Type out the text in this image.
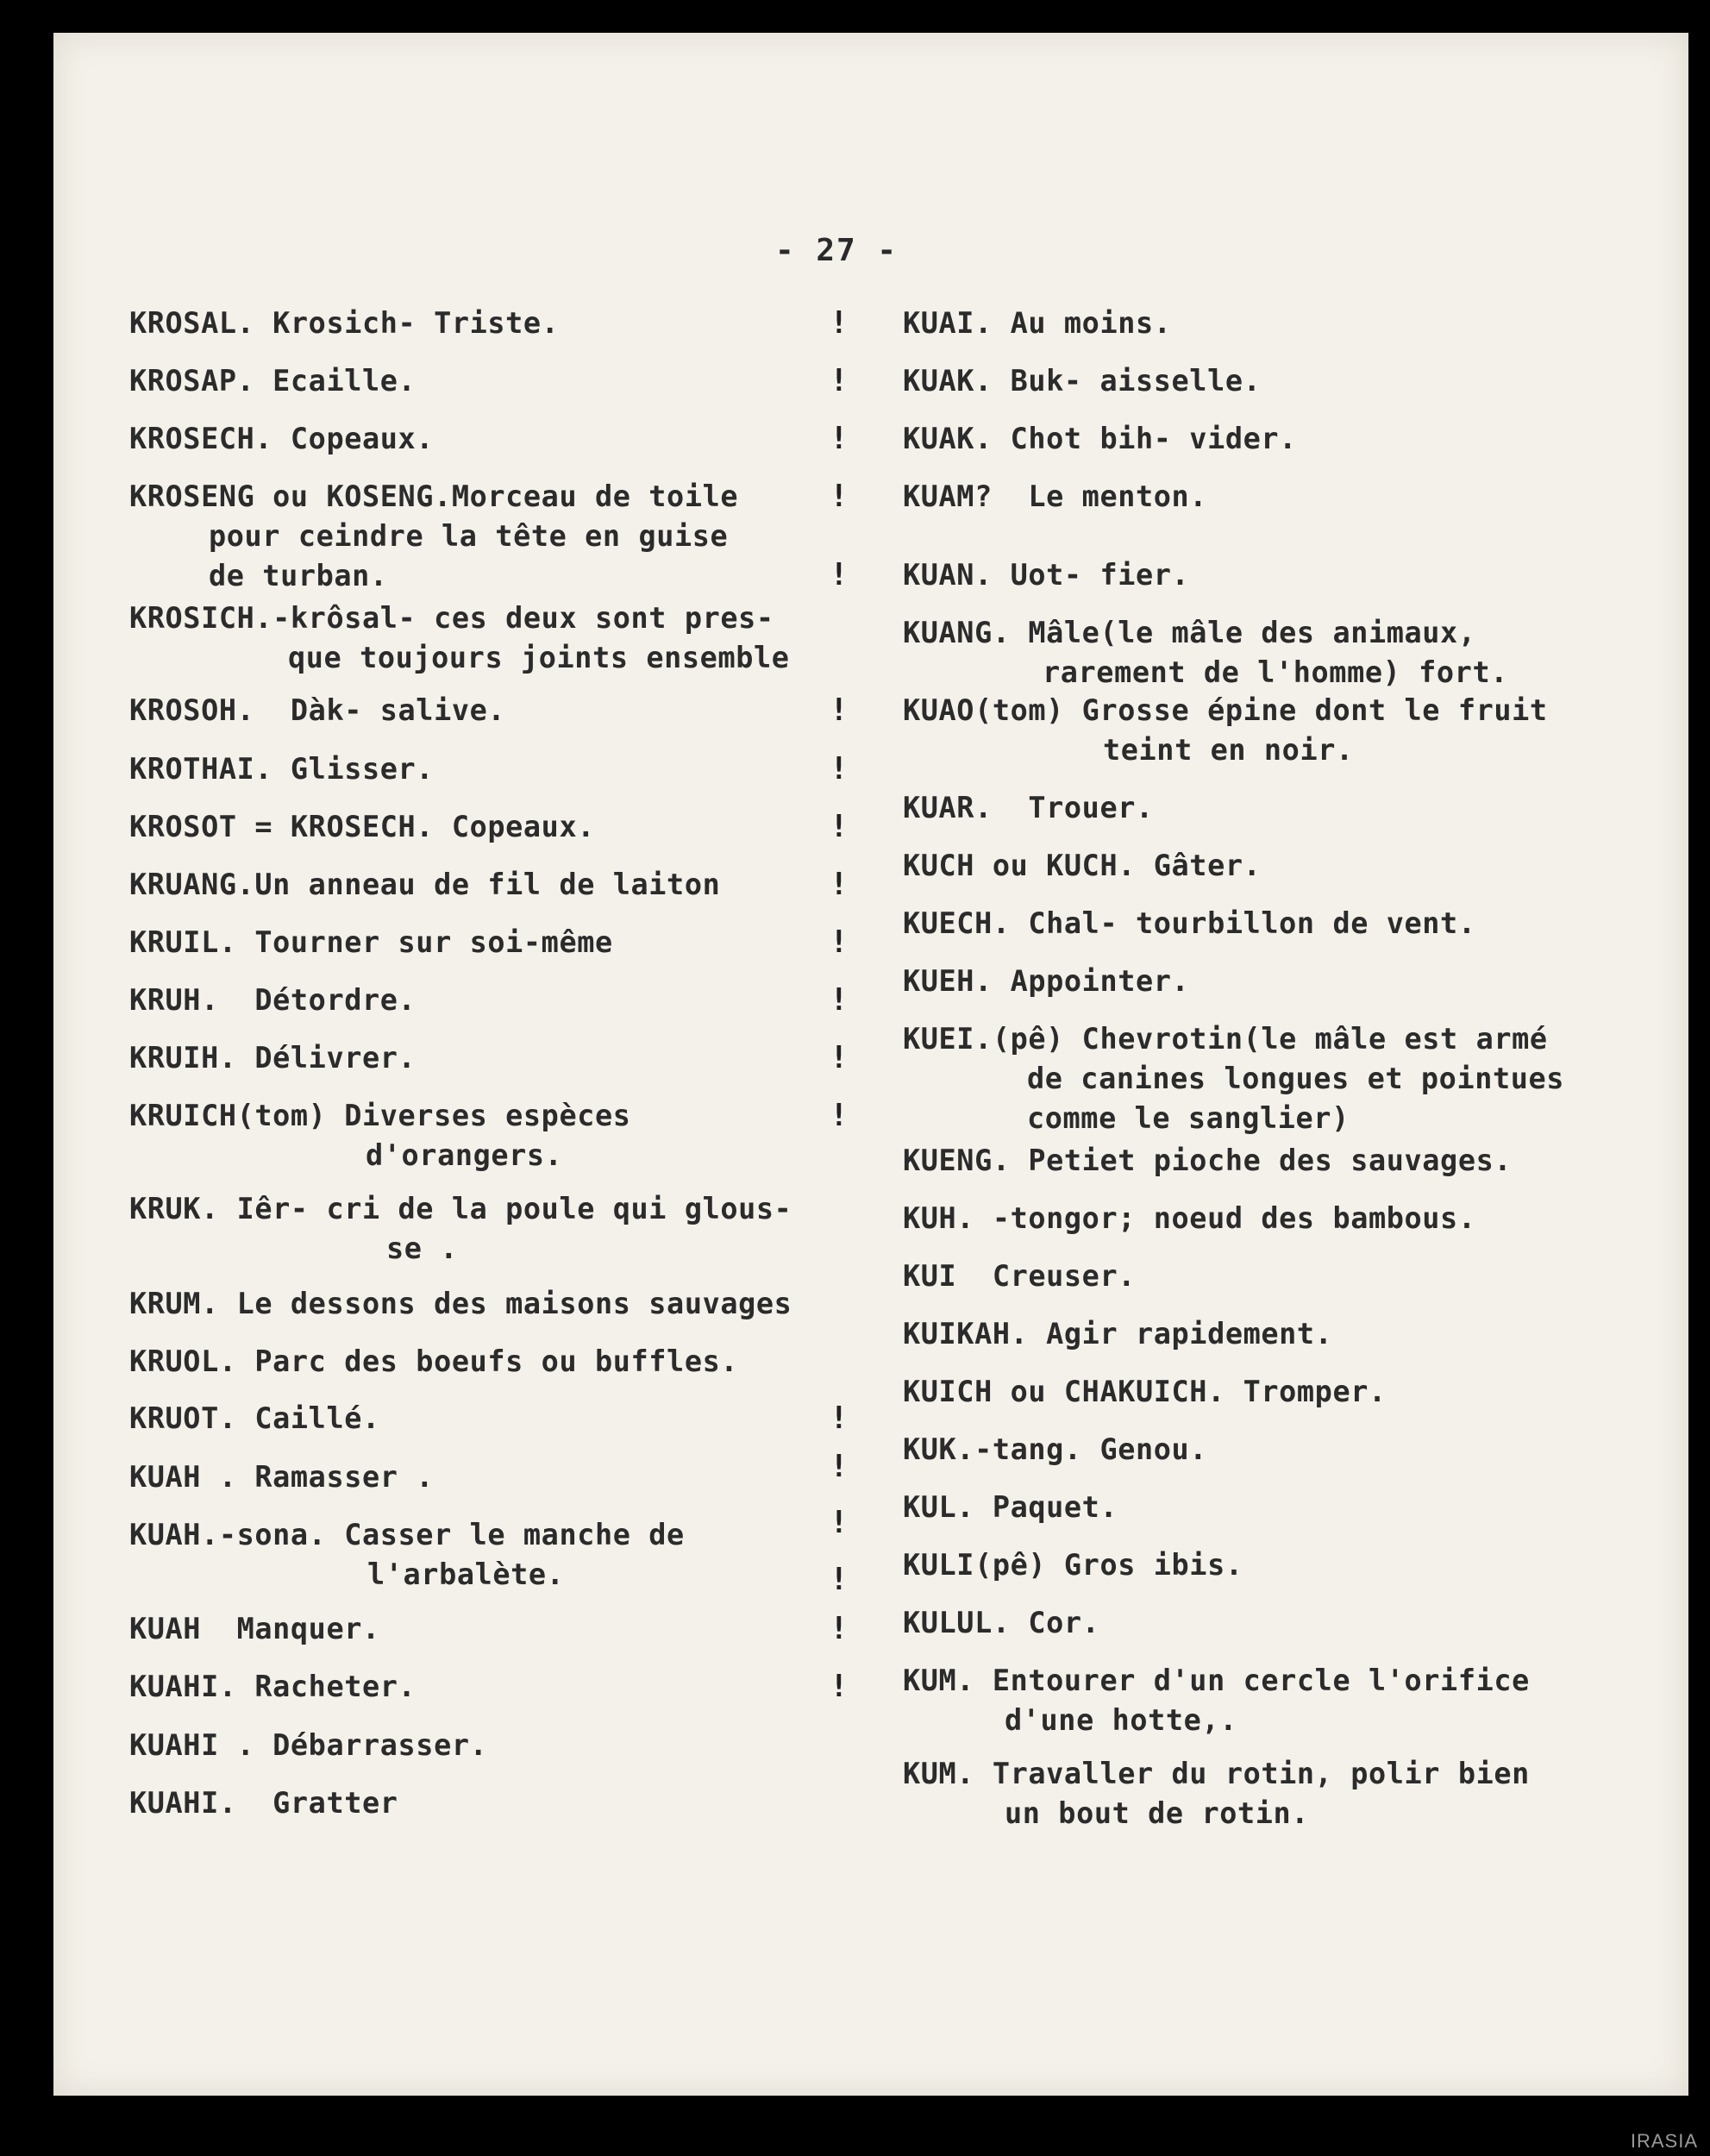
- 27 -
KROSAL. Krosich- Triste.
KROSAP. Ecaille.
KROSECH. Copeaux.
KROSENG ou KOSENG.Morceau de toile
pour ceindre la tête en guise
de turban.
KROSICH.-krôsal- ces deux sont pres-
que toujours joints ensemble
KROSOH.  Dàk- salive.
KROTHAI. Glisser.
KROSOT = KROSECH. Copeaux.
KRUANG.Un anneau de fil de laiton
KRUIL. Tourner sur soi-même
KRUH.  Détordre.
KRUIH. Délivrer.
KRUICH(tom) Diverses espèces
d'orangers.
KRUK. Iêr- cri de la poule qui glous-
se .
KRUM. Le dessons des maisons sauvages
KRUOL. Parc des boeufs ou buffles.
KRUOT. Caillé.
KUAH . Ramasser .
KUAH.-sona. Casser le manche de
l'arbalète.
KUAH  Manquer.
KUAHI. Racheter.
KUAHI . Débarrasser.
KUAHI.  Gratter
!
!
!
!
!
!
!
!
!
!
!
!
!
!
!
!
!
!
!
KUAI. Au moins.
KUAK. Buk- aisselle.
KUAK. Chot bih- vider.
KUAM?  Le menton.
KUAN. Uot- fier.
KUANG. Mâle(le mâle des animaux,
rarement de l'homme) fort.
KUAO(tom) Grosse épine dont le fruit
teint en noir.
KUAR.  Trouer.
KUCH ou KUCH. Gâter.
KUECH. Chal- tourbillon de vent.
KUEH. Appointer.
KUEI.(pê) Chevrotin(le mâle est armé
de canines longues et pointues
comme le sanglier)
KUENG. Petiet pioche des sauvages.
KUH. -tongor; noeud des bambous.
KUI  Creuser.
KUIKAH. Agir rapidement.
KUICH ou CHAKUICH. Tromper.
KUK.-tang. Genou.
KUL. Paquet.
KULI(pê) Gros ibis.
KULUL. Cor.
KUM. Entourer d'un cercle l'orifice
d'une hotte,.
KUM. Travaller du rotin, polir bien
un bout de rotin.
IRASIA
